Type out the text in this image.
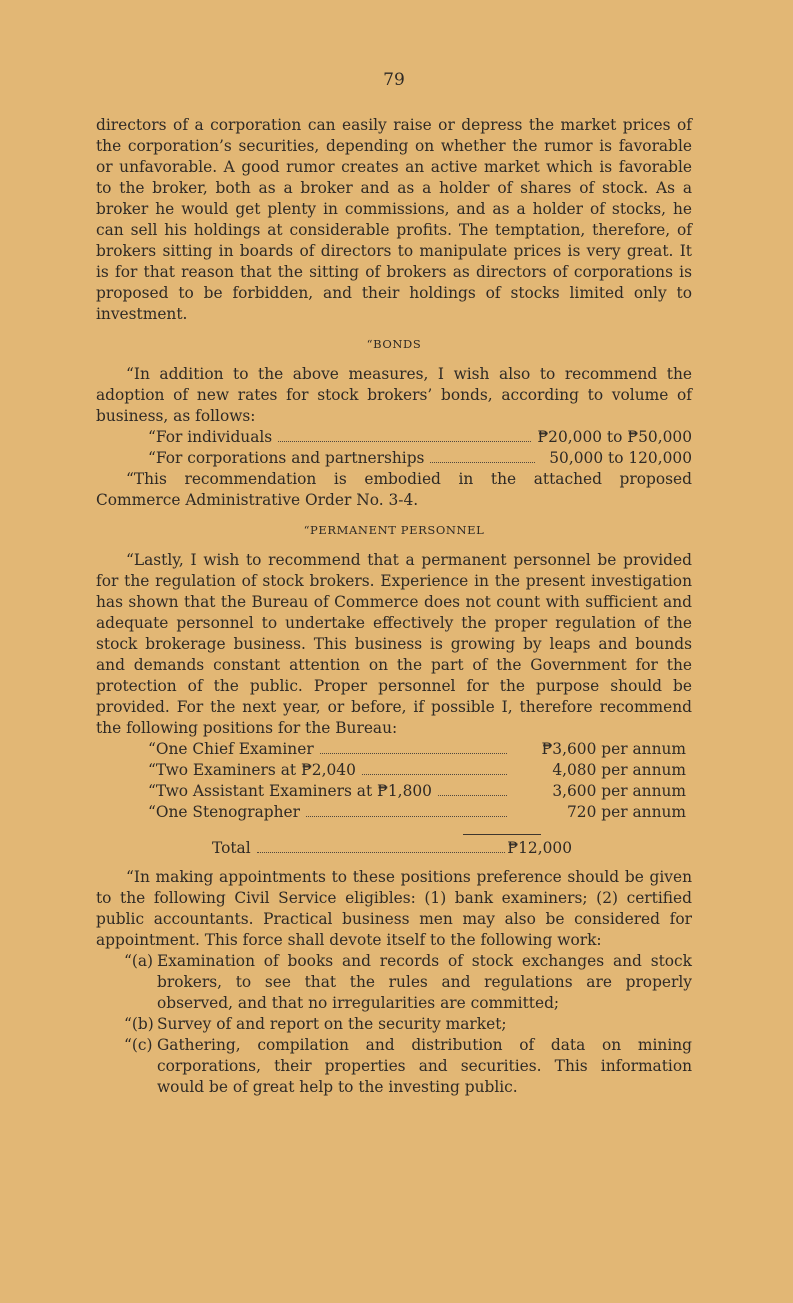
79

directors of a corporation can easily raise or depress the market prices of the corporation’s securities, depending on whether the rumor is favorable or unfavorable. A good rumor creates an active market which is favorable to the broker, both as a broker and as a holder of shares of stock. As a broker he would get plenty in commissions, and as a holder of stocks, he can sell his holdings at considerable profits. The temptation, therefore, of brokers sitting in boards of directors to manipulate prices is very great. It is for that reason that the sitting of brokers as directors of corporations is proposed to be forbidden, and their holdings of stocks limited only to investment.

“BONDS

“In addition to the above measures, I wish also to recommend the adoption of new rates for stock brokers’ bonds, according to volume of business, as follows:

“For individuals	₱20,000 to ₱50,000
“For corporations and partnerships	50,000 to 120,000

“This recommendation is embodied in the attached proposed Commerce Administrative Order No. 3-4.

“PERMANENT PERSONNEL

“Lastly, I wish to recommend that a permanent personnel be provided for the regulation of stock brokers. Experience in the present investigation has shown that the Bureau of Commerce does not count with sufficient and adequate personnel to undertake effectively the proper regulation of the stock brokerage business. This business is growing by leaps and bounds and demands constant attention on the part of the Government for the protection of the public. Proper personnel for the purpose should be provided. For the next year, or before, if possible I, therefore recommend the following positions for the Bureau:

“One Chief Examiner	₱3,600 per annum
“Two Examiners at ₱2,040	4,080 per annum
“Two Assistant Examiners at ₱1,800	3,600 per annum
“One Stenographer	720 per annum
Total	₱12,000

“In making appointments to these positions preference should be given to the following Civil Service eligibles: (1) bank examiners; (2) certified public accountants. Practical business men may also be considered for appointment. This force shall devote itself to the following work:

“(a) Examination of books and records of stock exchanges and stock brokers, to see that the rules and regulations are properly observed, and that no irregularities are committed;
“(b) Survey of and report on the security market;
“(c) Gathering, compilation and distribution of data on mining corporations, their properties and securities. This information would be of great help to the investing public.
